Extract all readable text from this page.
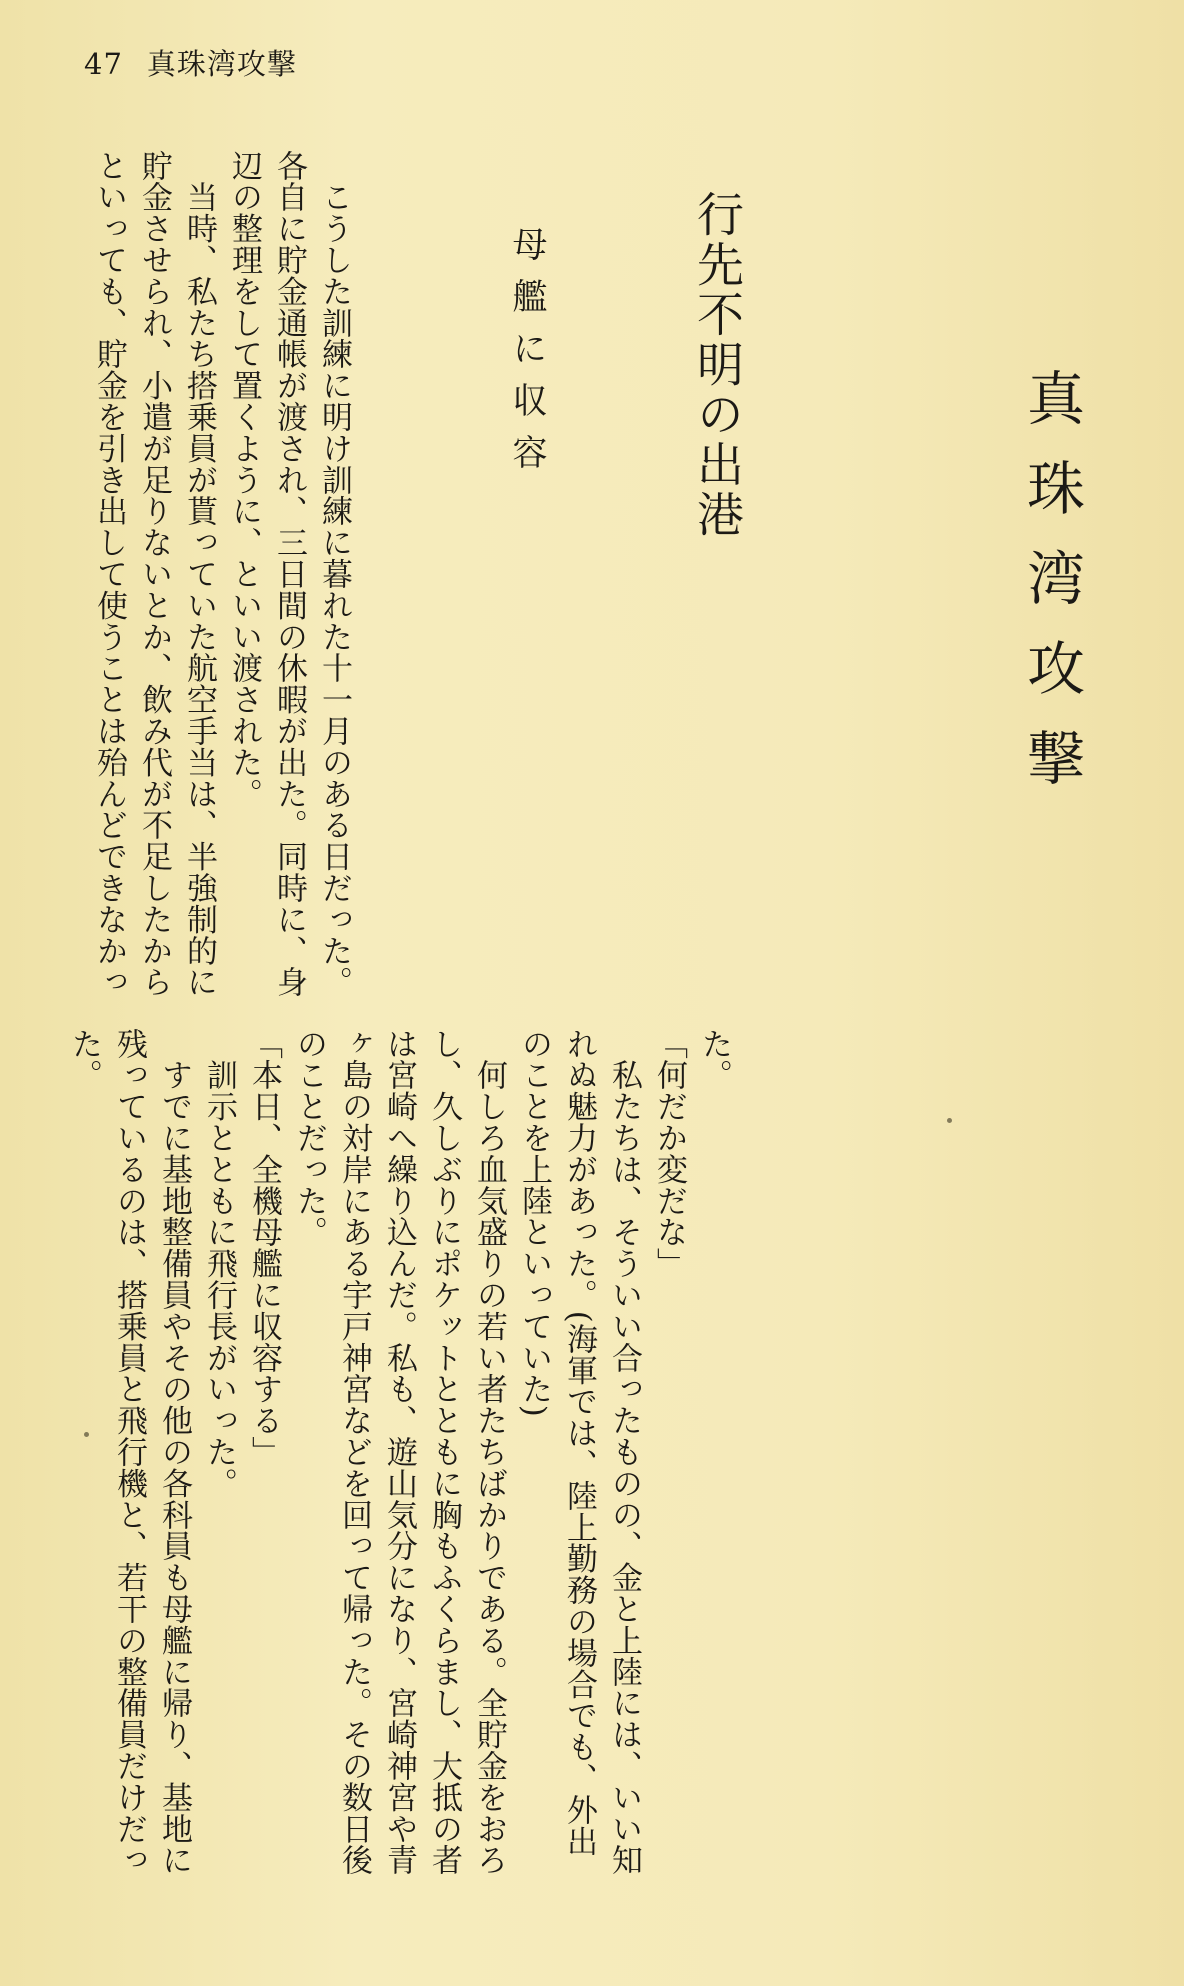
47 真珠湾攻撃
真珠湾攻撃
行先不明の出港
母艦に収容
　こうした訓練に明け訓練に暮れた十一月のある日だった。
各自に貯金通帳が渡され、三日間の休暇が出た。同時に、身
辺の整理をして置くように、といい渡された。
　当時、私たち搭乗員が貰っていた航空手当は、半強制的に
貯金させられ、小遣が足りないとか、飲み代が不足したから
といっても、貯金を引き出して使うことは殆んどできなかっ
た。
「何だか変だな」
　私たちは、そういい合ったものの、金と上陸には、いい知
れぬ魅力があった。(海軍では、陸上勤務の場合でも、外出
のことを上陸といっていた)
　何しろ血気盛りの若い者たちばかりである。全貯金をおろ
し、久しぶりにポケットとともに胸もふくらまし、大抵の者
は宮崎へ繰り込んだ。私も、遊山気分になり、宮崎神宮や青
ヶ島の対岸にある宇戸神宮などを回って帰った。その数日後
のことだった。
「本日、全機母艦に収容する」
　訓示とともに飛行長がいった。
　すでに基地整備員やその他の各科員も母艦に帰り、基地に
残っているのは、搭乗員と飛行機と、若干の整備員だけだっ
た。
